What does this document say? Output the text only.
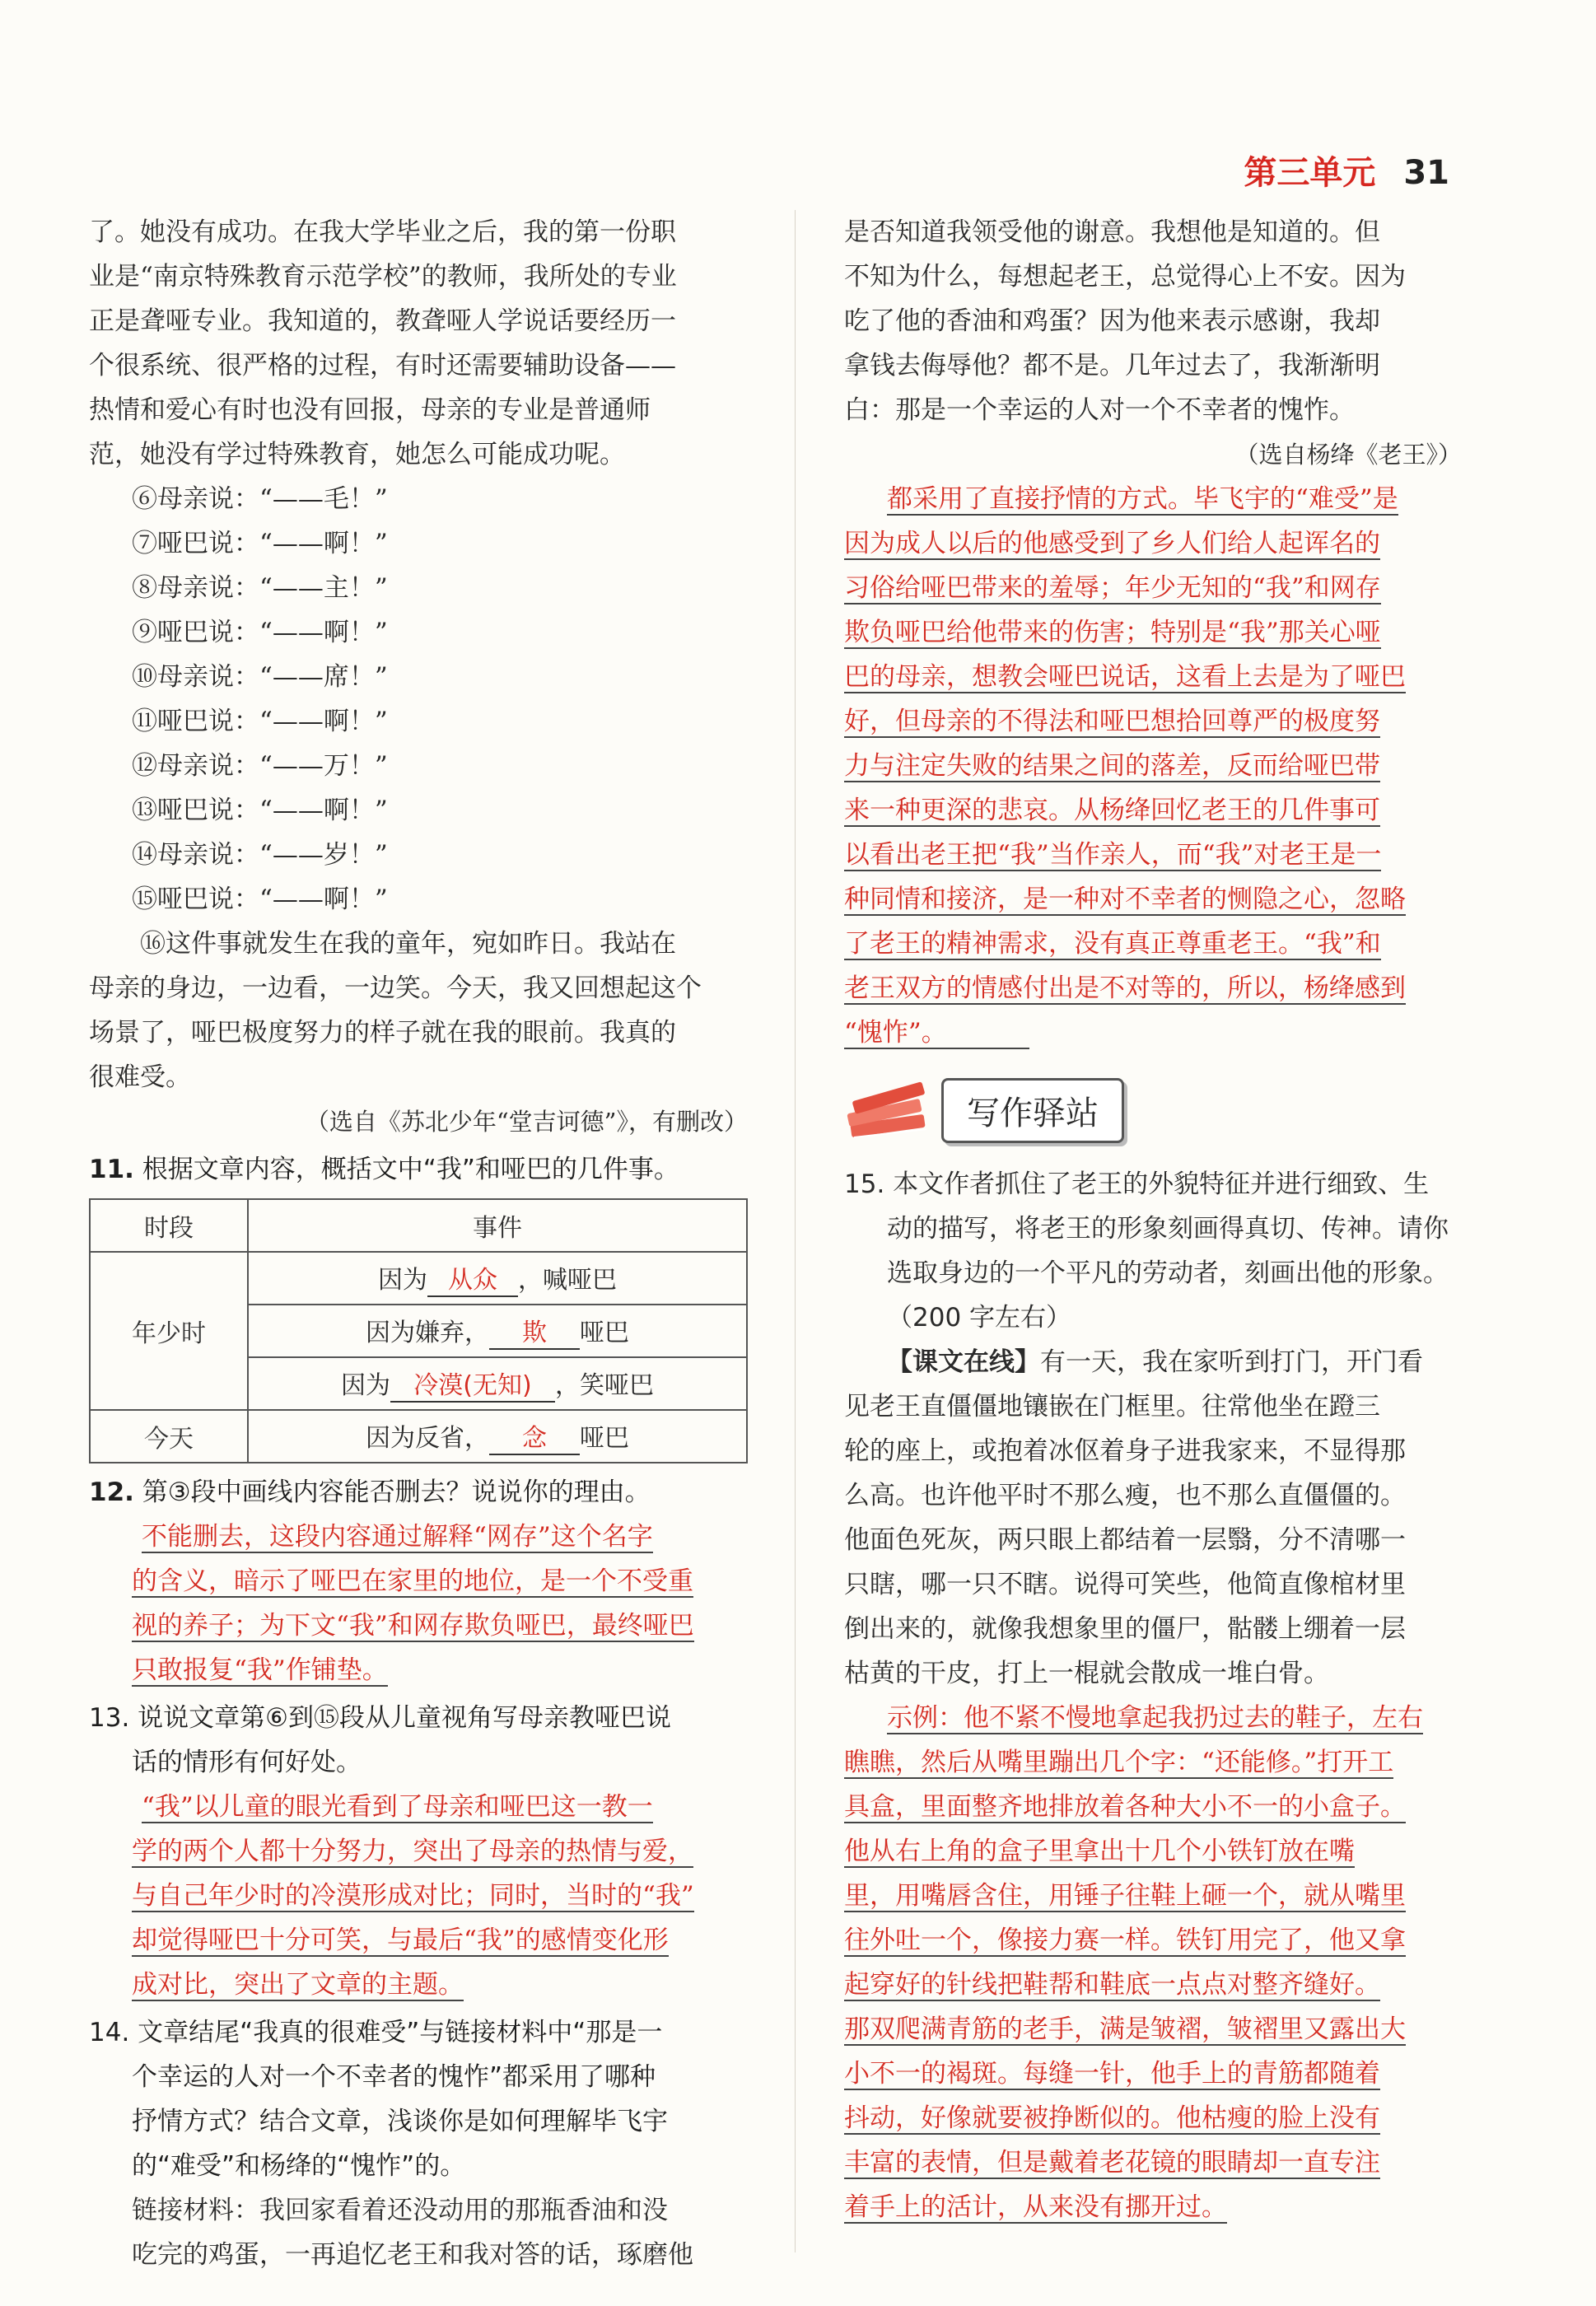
第三单元 31

了。她没有成功。在我大学毕业之后，我的第一份职

业是“南京特殊教育示范学校”的教师，我所处的专业

正是聋哑专业。我知道的，教聋哑人学说话要经历一

个很系统、很严格的过程，有时还需要辅助设备——

热情和爱心有时也没有回报，母亲的专业是普通师

范，她没有学过特殊教育，她怎么可能成功呢。

⑥母亲说：“——毛！”

⑦哑巴说：“——啊！”

⑧母亲说：“——主！”

⑨哑巴说：“——啊！”

⑩母亲说：“——席！”

⑪哑巴说：“——啊！”

⑫母亲说：“——万！”

⑬哑巴说：“——啊！”

⑭母亲说：“——岁！”

⑮哑巴说：“——啊！”

⑯这件事就发生在我的童年，宛如昨日。我站在

母亲的身边，一边看，一边笑。今天，我又回想起这个

场景了，哑巴极度努力的样子就在我的眼前。我真的

很难受。

（选自《苏北少年“堂吉诃德”》，有删改）

11. 根据文章内容，概括文中“我”和哑巴的几件事。

时段	事件
年少时	因为 从众 ，喊哑巴
	因为嫌弃， 欺 哑巴
	因为 冷漠(无知) ，笑哑巴
今天	因为反省， 念 哑巴

12. 第③段中画线内容能否删去？说说你的理由。

不能删去，这段内容通过解释“网存”这个名字

的含义，暗示了哑巴在家里的地位，是一个不受重

视的养子；为下文“我”和网存欺负哑巴，最终哑巴

只敢报复“我”作铺垫。

13. 说说文章第⑥到⑮段从儿童视角写母亲教哑巴说

话的情形有何好处。

“我”以儿童的眼光看到了母亲和哑巴这一教一

学的两个人都十分努力，突出了母亲的热情与爱，

与自己年少时的冷漠形成对比；同时，当时的“我”

却觉得哑巴十分可笑，与最后“我”的感情变化形

成对比，突出了文章的主题。

14. 文章结尾“我真的很难受”与链接材料中“那是一

个幸运的人对一个不幸者的愧怍”都采用了哪种

抒情方式？结合文章，浅谈你是如何理解毕飞宇

的“难受”和杨绛的“愧怍”的。

链接材料：我回家看着还没动用的那瓶香油和没

吃完的鸡蛋，一再追忆老王和我对答的话，琢磨他

是否知道我领受他的谢意。我想他是知道的。但

不知为什么，每想起老王，总觉得心上不安。因为

吃了他的香油和鸡蛋？因为他来表示感谢，我却

拿钱去侮辱他？都不是。几年过去了，我渐渐明

白：那是一个幸运的人对一个不幸者的愧怍。

（选自杨绛《老王》）

都采用了直接抒情的方式。毕飞宇的“难受”是

因为成人以后的他感受到了乡人们给人起诨名的

习俗给哑巴带来的羞辱；年少无知的“我”和网存

欺负哑巴给他带来的伤害；特别是“我”那关心哑

巴的母亲，想教会哑巴说话，这看上去是为了哑巴

好，但母亲的不得法和哑巴想拾回尊严的极度努

力与注定失败的结果之间的落差，反而给哑巴带

来一种更深的悲哀。从杨绛回忆老王的几件事可

以看出老王把“我”当作亲人，而“我”对老王是一

种同情和接济，是一种对不幸者的恻隐之心，忽略

了老王的精神需求，没有真正尊重老王。“我”和

老王双方的情感付出是不对等的，所以，杨绛感到

“愧怍”。

写作驿站

15. 本文作者抓住了老王的外貌特征并进行细致、生

动的描写，将老王的形象刻画得真切、传神。请你

选取身边的一个平凡的劳动者，刻画出他的形象。

（200 字左右）

【课文在线】有一天，我在家听到打门，开门看

见老王直僵僵地镶嵌在门框里。往常他坐在蹬三

轮的座上，或抱着冰伛着身子进我家来，不显得那

么高。也许他平时不那么瘦，也不那么直僵僵的。

他面色死灰，两只眼上都结着一层翳，分不清哪一

只瞎，哪一只不瞎。说得可笑些，他简直像棺材里

倒出来的，就像我想象里的僵尸，骷髅上绷着一层

枯黄的干皮，打上一棍就会散成一堆白骨。

示例：他不紧不慢地拿起我扔过去的鞋子，左右

瞧瞧，然后从嘴里蹦出几个字：“还能修。”打开工

具盒，里面整齐地排放着各种大小不一的小盒子。

他从右上角的盒子里拿出十几个小铁钉放在嘴

里，用嘴唇含住，用锤子往鞋上砸一个，就从嘴里

往外吐一个，像接力赛一样。铁钉用完了，他又拿

起穿好的针线把鞋帮和鞋底一点点对整齐缝好。

那双爬满青筋的老手，满是皱褶，皱褶里又露出大

小不一的褐斑。每缝一针，他手上的青筋都随着

抖动，好像就要被挣断似的。他枯瘦的脸上没有

丰富的表情，但是戴着老花镜的眼睛却一直专注

着手上的活计，从来没有挪开过。
